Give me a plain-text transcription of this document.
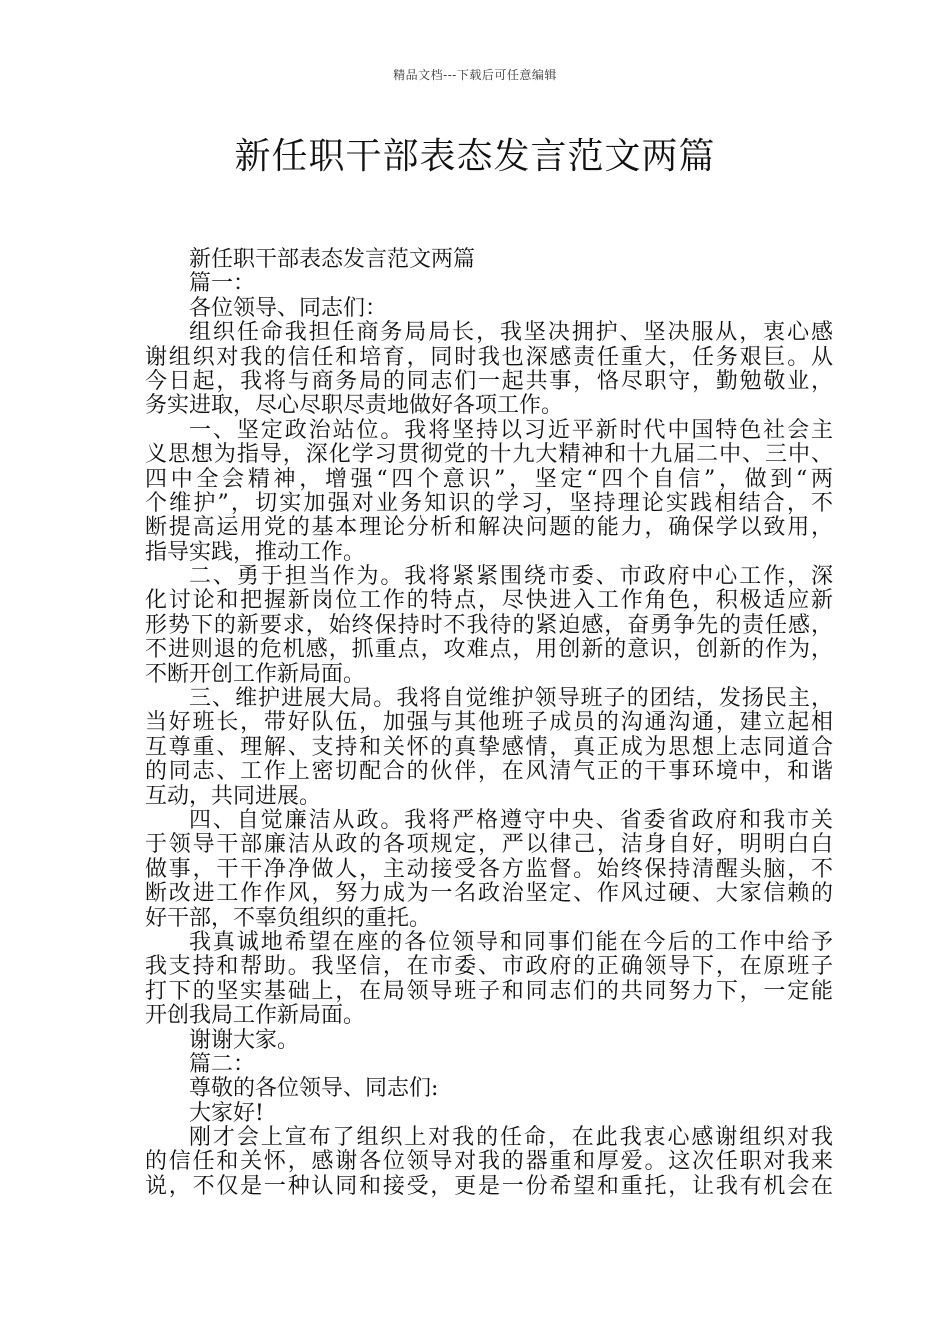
精品文档---下载后可任意编辑
新任职干部表态发言范文两篇

新任职干部表态发言范文两篇

篇一：

各位领导、同志们：

组织任命我担任商务局局长，我坚决拥护、坚决服从，衷心感

谢组织对我的信任和培育，同时我也深感责任重大，任务艰巨。从

今日起，我将与商务局的同志们一起共事，恪尽职守，勤勉敬业，

务实进取，尽心尽职尽责地做好各项工作。

一、坚定政治站位。我将坚持以习近平新时代中国特色社会主

义思想为指导，深化学习贯彻党的十九大精神和十九届二中、三中、

四中全会精神，增强“四个意识”，坚定“四个自信”，做到“两

个维护”，切实加强对业务知识的学习，坚持理论实践相结合，不

断提高运用党的基本理论分析和解决问题的能力，确保学以致用，

指导实践，推动工作。

二、勇于担当作为。我将紧紧围绕市委、市政府中心工作，深

化讨论和把握新岗位工作的特点，尽快进入工作角色，积极适应新

形势下的新要求，始终保持时不我待的紧迫感，奋勇争先的责任感，

不进则退的危机感，抓重点，攻难点，用创新的意识，创新的作为，

不断开创工作新局面。

三、维护进展大局。我将自觉维护领导班子的团结，发扬民主，

当好班长，带好队伍，加强与其他班子成员的沟通沟通，建立起相

互尊重、理解、支持和关怀的真挚感情，真正成为思想上志同道合

的同志、工作上密切配合的伙伴，在风清气正的干事环境中，和谐

互动，共同进展。

四、自觉廉洁从政。我将严格遵守中央、省委省政府和我市关

于领导干部廉洁从政的各项规定，严以律己，洁身自好，明明白白

做事，干干净净做人，主动接受各方监督。始终保持清醒头脑，不

断改进工作作风，努力成为一名政治坚定、作风过硬、大家信赖的

好干部，不辜负组织的重托。

我真诚地希望在座的各位领导和同事们能在今后的工作中给予

我支持和帮助。我坚信，在市委、市政府的正确领导下，在原班子

打下的坚实基础上，在局领导班子和同志们的共同努力下，一定能

开创我局工作新局面。

谢谢大家。

篇二：

尊敬的各位领导、同志们:

大家好!

刚才会上宣布了组织上对我的任命，在此我衷心感谢组织对我

的信任和关怀，感谢各位领导对我的器重和厚爱。这次任职对我来

说，不仅是一种认同和接受，更是一份希望和重托，让我有机会在
